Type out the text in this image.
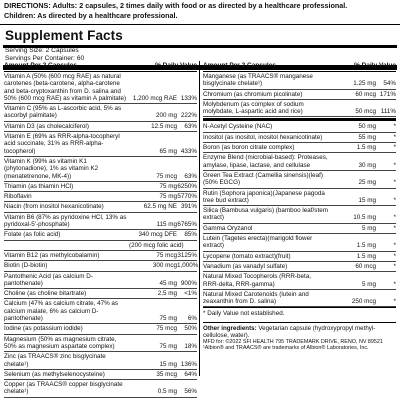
DIRECTIONS: Adults: 2 capsules, 2 times daily with food or as directed by a healthcare professional.
Children: As directed by a healthcare professional.
Supplement Facts
Serving Size: 2 Capsules
Servings Per Container: 60
Amount Per 2 Capsules	% Daily Value
Vitamin A (50% (600 mcg RAE) as natural carotenes (beta-carotene, alpha-carotene and beta-cryptoxanthin from D. salina and 50% (600 mcg RAE) as vitamin A palmitate)	1,200 mcg RAE 133%
Vitamin C (95% as L-ascorbic acid, 5% as ascorbyl palmitate)	200 mg 222%
Vitamin D3 (as cholecalciferol)	12.5 mcg	63%
Vitamin E (69% as RRR-alpha-tocopheryl acid succinate, 31% as RRR-alpha-tocopherol)	65 mg 433%
Vitamin K (99% as vitamin K1 (phytonadione), 1% as vitamin K2 (menatetrenone, MK-4))	75 mcg	63%
Thiamin (as thiamin HCl)	75 mg 6250%
Riboflavin	75 mg 5770%
Niacin (from inositol hexanicotinate)	62.5 mg NE 391%
Vitamin B6 (87% as pyridoxine HCl, 13% as pyridoxal-5'-phosphate)	115 mg 6765%
Folate (as folic acid)	340 mcg DFE	85%
(200 mcg folic acid)
Vitamin B12 (as methylcobalamin)	75 mcg 3125%
Biotin (D-biotin)	300 mcg 1,000%
Pantothenic Acid (as calcium D-pantothenate)	45 mg 900%
Choline (as choline bitartrate)	2.5 mg	<1%
Calcium (47% as calcium citrate, 47% as calcium malate, 6% as calcium D-pantothenate)	75 mg	6%
Iodine (as potassium iodide)	75 mcg	50%
Magnesium (50% as magnesium citrate, 50% as magnesium aspartate complex)	75 mg	18%
Zinc (as TRAACS® zinc bisglycinate chelate¹)	15 mg 136%
Selenium (as methylselenocysteine)	35 mcg	64%
Copper (as TRAACS® copper bisglycinate chelate¹)	0.5 mg	56%
Amount Per 2 Capsules	% Daily Value
Manganese (as TRAACS® manganese bisglycinate chelate¹)	1.25 mg	54%
Chromium (as chromium picolinate)	60 mcg 171%
Molybdenum (as complex of sodium molybdate, L-aspartic acid and rice)	50 mcg 111%
N-Acetyl Cysteine (NAC)	50 mg	*
Inositol (as inositol, inositol hexanicotinate)	55 mg	*
Boron (as boron citrate complex)	1.5 mg	*
Enzyme Blend (microbial-based): Proteases, amylase, lipase, lactase, and cellulase	30 mg	*
Green Tea Extract (Camellia sinensis)(leaf) (50% EGCG)	25 mg	*
Rutin (Sophora japonica)(Japanese pagoda tree bud extract)	15 mg	*
Silica (Bambusa vulgaris) (bamboo leaf/stem extract)	10.5 mg	*
Gamma Oryzanol	5 mg	*
Lutein (Tagetes erecta)(marigold flower extract)	1.5 mg	*
Lycopene (tomato extract)(fruit)	1.5 mg	*
Vanadium (as vanadyl sulfate)	60 mcg	*
Natural Mixed Tocopherols (RRR-beta, RRR-delta, RRR-gamma)	5 mg	*
Natural Mixed Carotenoids (lutein and zeaxanthin from D. salina)	250 mcg	*
* Daily Value not established.
Other ingredients: Vegetarian capsule (hydroxypropyl methyl- cellulose, water).
MFD for: ©2022 SFI HEALTH 795 TRADEMARK DRIVE, RENO, NV 89521
¹Albion® and TRAACS® are trademarks of Albion® Laboratories, Inc.
